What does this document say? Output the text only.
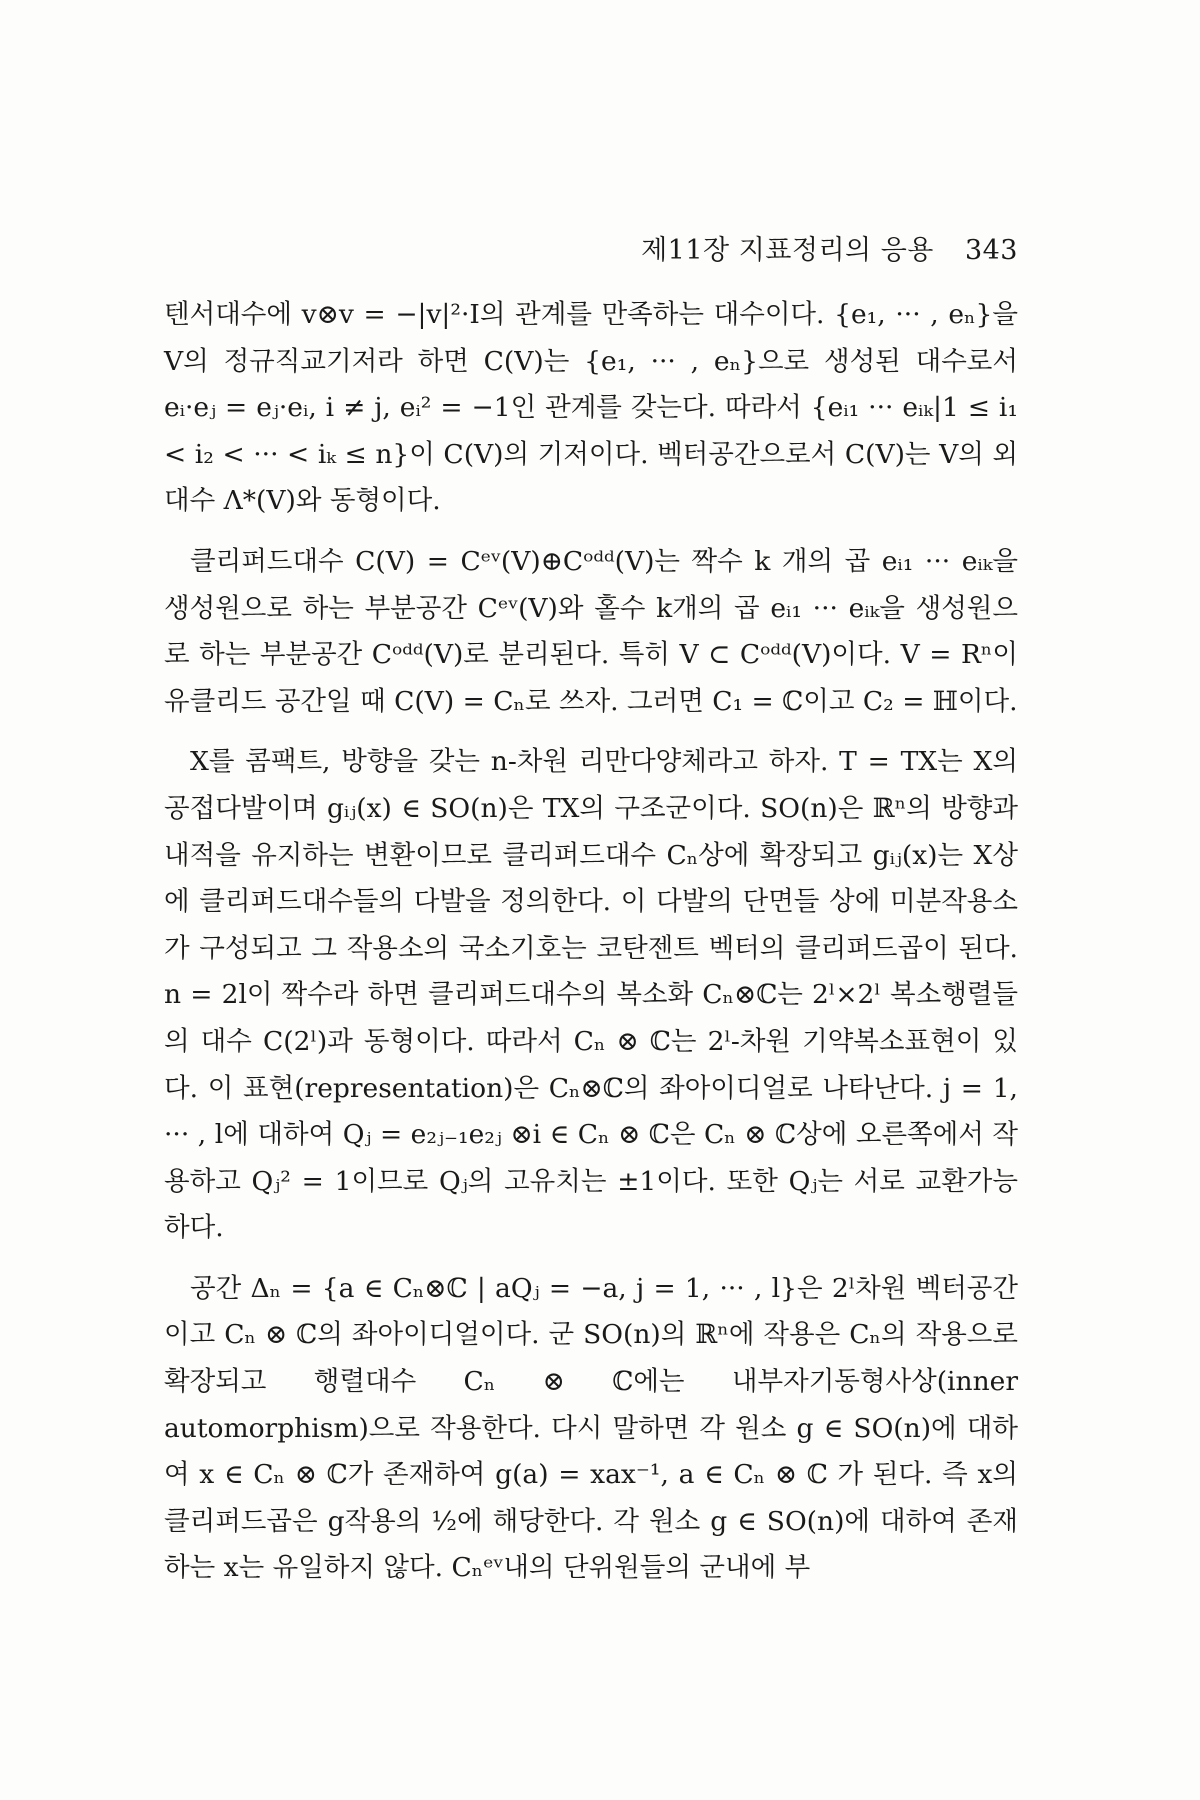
제11장 지표정리의 응용 343

텐서대수에 v⊗v = −|v|²·I의 관계를 만족하는 대수이다. {e₁, ··· , eₙ}을 V의 정규직교기저라 하면 C(V)는 {e₁, ··· , eₙ}으로 생성된 대수로서 eᵢ·eⱼ = eⱼ·eᵢ, i ≠ j, eᵢ² = −1인 관계를 갖는다. 따라서 {eᵢ₁ ··· eᵢₖ|1 ≤ i₁ < i₂ < ··· < iₖ ≤ n}이 C(V)의 기저이다. 벡터공간으로서 C(V)는 V의 외대수 Λ*(V)와 동형이다.

클리퍼드대수 C(V) = Cᵉᵛ(V)⊕Cᵒᵈᵈ(V)는 짝수 k 개의 곱 eᵢ₁ ··· eᵢₖ을 생성원으로 하는 부분공간 Cᵉᵛ(V)와 홀수 k개의 곱 eᵢ₁ ··· eᵢₖ을 생성원으로 하는 부분공간 Cᵒᵈᵈ(V)로 분리된다. 특히 V ⊂ Cᵒᵈᵈ(V)이다. V = Rⁿ이 유클리드 공간일 때 C(V) = Cₙ로 쓰자. 그러면 C₁ = ℂ이고 C₂ = ℍ이다.

X를 콤팩트, 방향을 갖는 n-차원 리만다양체라고 하자. T = TX는 X의 공접다발이며 gᵢⱼ(x) ∈ SO(n)은 TX의 구조군이다. SO(n)은 ℝⁿ의 방향과 내적을 유지하는 변환이므로 클리퍼드대수 Cₙ상에 확장되고 gᵢⱼ(x)는 X상에 클리퍼드대수들의 다발을 정의한다. 이 다발의 단면들 상에 미분작용소가 구성되고 그 작용소의 국소기호는 코탄젠트 벡터의 클리퍼드곱이 된다. n = 2l이 짝수라 하면 클리퍼드대수의 복소화 Cₙ⊗ℂ는 2ˡ×2ˡ 복소행렬들의 대수 C(2ˡ)과 동형이다. 따라서 Cₙ ⊗ ℂ는 2ˡ-차원 기약복소표현이 있다. 이 표현(representation)은 Cₙ⊗ℂ의 좌아이디얼로 나타난다. j = 1, ··· , l에 대하여 Qⱼ = e₂ⱼ₋₁e₂ⱼ ⊗i ∈ Cₙ ⊗ ℂ은 Cₙ ⊗ ℂ상에 오른쪽에서 작용하고 Qⱼ² = 1이므로 Qⱼ의 고유치는 ±1이다. 또한 Qⱼ는 서로 교환가능하다.

공간 Δₙ = {a ∈ Cₙ⊗ℂ | aQⱼ = −a, j = 1, ··· , l}은 2ˡ차원 벡터공간이고 Cₙ ⊗ ℂ의 좌아이디얼이다. 군 SO(n)의 ℝⁿ에 작용은 Cₙ의 작용으로 확장되고 행렬대수 Cₙ ⊗ ℂ에는 내부자기동형사상(inner automorphism)으로 작용한다. 다시 말하면 각 원소 g ∈ SO(n)에 대하여 x ∈ Cₙ ⊗ ℂ가 존재하여 g(a) = xax⁻¹, a ∈ Cₙ ⊗ ℂ 가 된다. 즉 x의 클리퍼드곱은 g작용의 ½에 해당한다. 각 원소 g ∈ SO(n)에 대하여 존재하는 x는 유일하지 않다. Cₙᵉᵛ내의 단위원들의 군내에 부
